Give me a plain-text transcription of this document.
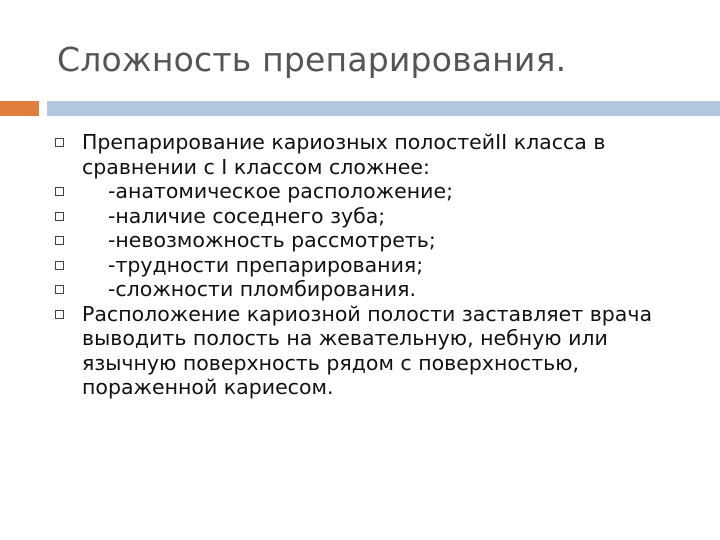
Сложность препарирования.
Препарирование кариозных полостейII класса в сравнении с I классом сложнее:
-анатомическое расположение;
-наличие соседнего зуба;
-невозможность рассмотреть;
-трудности препарирования;
-сложности пломбирования.
Расположение кариозной полости заставляет врача выводить полость на жевательную, небную или язычную поверхность рядом с поверхностью, пораженной кариесом.
